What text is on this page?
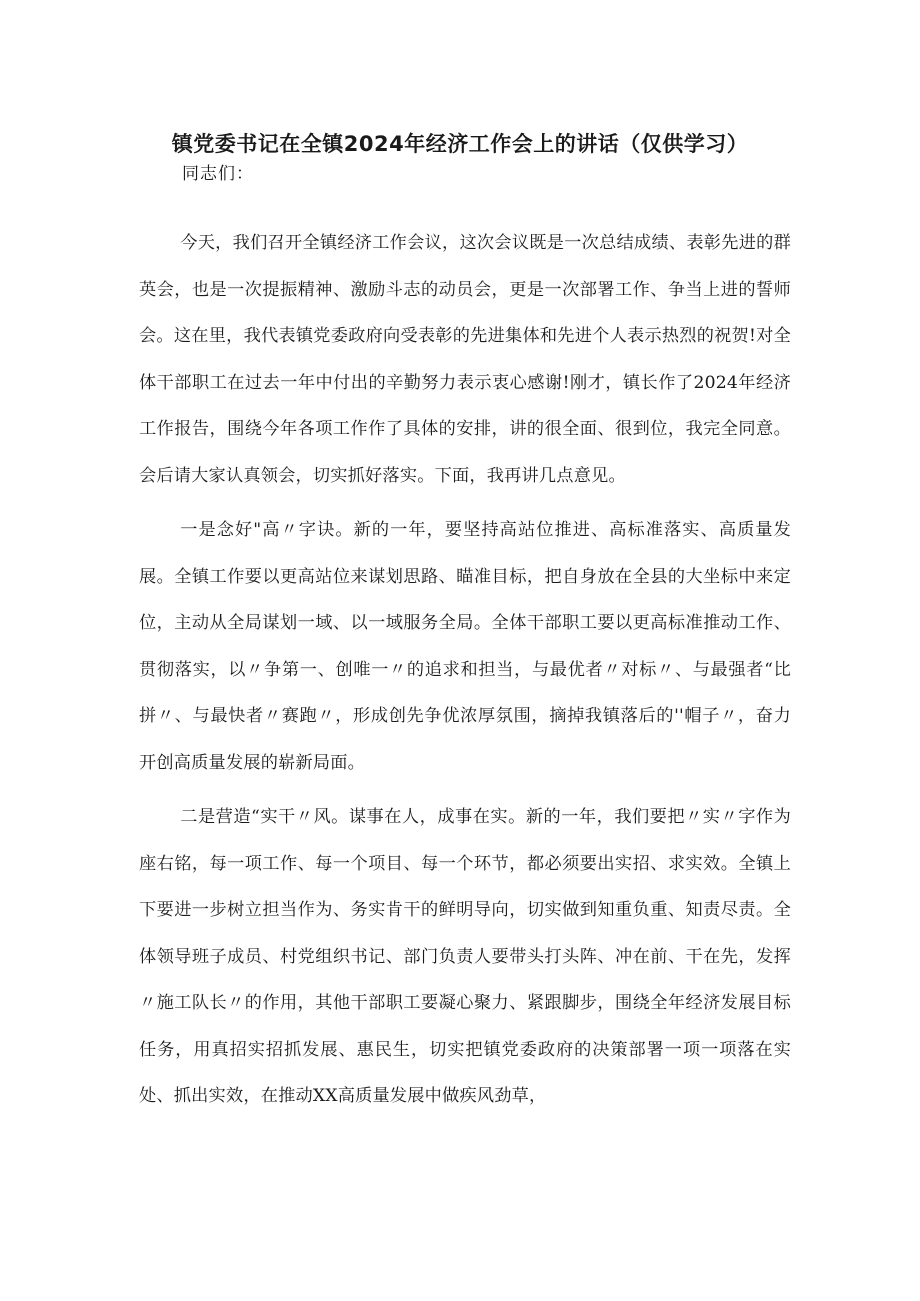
镇党委书记在全镇2024年经济工作会上的讲话（仅供学习）

同志们：

今天，我们召开全镇经济工作会议，这次会议既是一次总结成绩、表彰先进的群英会，也是一次提振精神、激励斗志的动员会，更是一次部署工作、争当上进的誓师会。这在里，我代表镇党委政府向受表彰的先进集体和先进个人表示热烈的祝贺!对全体干部职工在过去一年中付出的辛勤努力表示衷心感谢!刚才，镇长作了2024年经济工作报告，围绕今年各项工作作了具体的安排，讲的很全面、很到位，我完全同意。会后请大家认真领会，切实抓好落实。下面，我再讲几点意见。

一是念好"高〃字诀。新的一年，要坚持高站位推进、高标准落实、高质量发展。全镇工作要以更高站位来谋划思路、瞄准目标，把自身放在全县的大坐标中来定位，主动从全局谋划一域、以一域服务全局。全体干部职工要以更高标准推动工作、贯彻落实，以〃争第一、创唯一〃的追求和担当，与最优者〃对标〃、与最强者“比拼〃、与最快者〃赛跑〃，形成创先争优浓厚氛围，摘掉我镇落后的''帽子〃，奋力开创高质量发展的崭新局面。

二是营造“实干〃风。谋事在人，成事在实。新的一年，我们要把〃实〃字作为座右铭，每一项工作、每一个项目、每一个环节，都必须要出实招、求实效。全镇上下要进一步树立担当作为、务实肯干的鲜明导向，切实做到知重负重、知责尽责。全体领导班子成员、村党组织书记、部门负责人要带头打头阵、冲在前、干在先，发挥〃施工队长〃的作用，其他干部职工要凝心聚力、紧跟脚步，围绕全年经济发展目标任务，用真招实招抓发展、惠民生，切实把镇党委政府的决策部署一项一项落在实处、抓出实效，在推动XX高质量发展中做疾风劲草，
